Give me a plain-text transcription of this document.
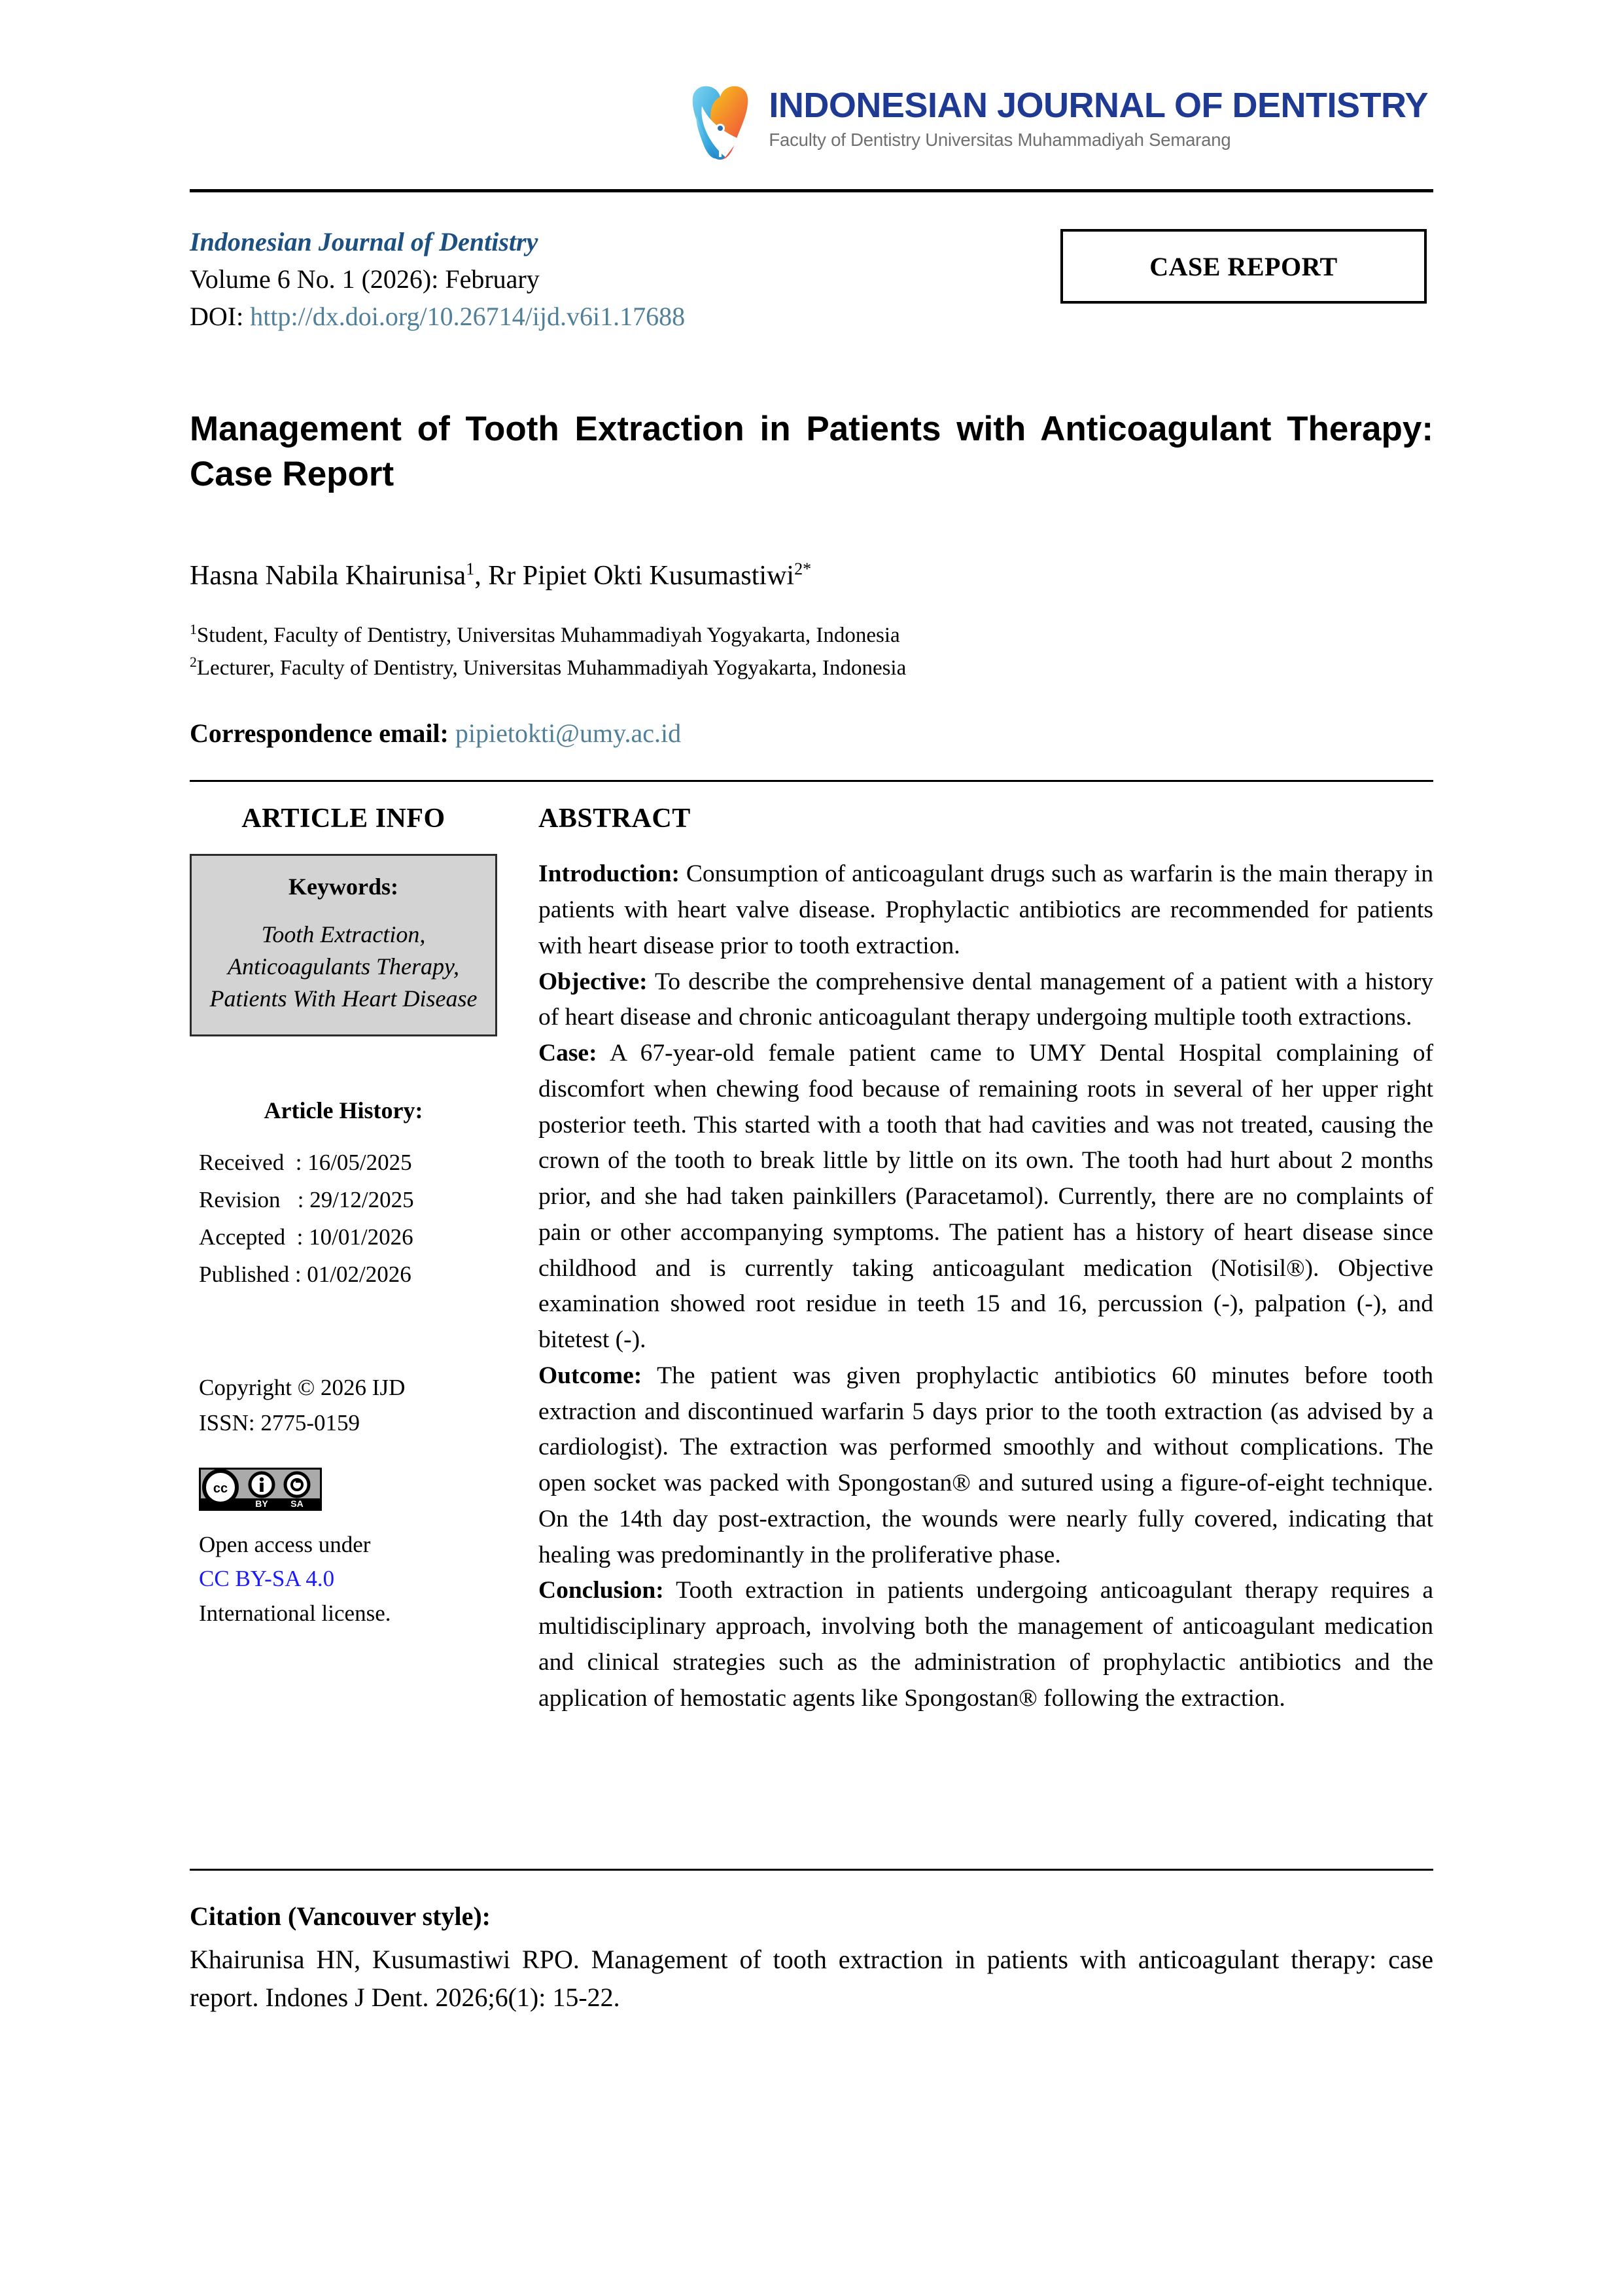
INDONESIAN JOURNAL OF DENTISTRY
Faculty of Dentistry Universitas Muhammadiyah Semarang
Indonesian Journal of Dentistry
Volume 6 No. 1 (2026): February
DOI: http://dx.doi.org/10.26714/ijd.v6i1.17688
CASE REPORT
Management of Tooth Extraction in Patients with Anticoagulant Therapy: Case Report
Hasna Nabila Khairunisa$^1$, Rr Pipiet Okti Kusumastiwi$^{2*}$
$^1$Student, Faculty of Dentistry, Universitas Muhammadiyah Yogyakarta, Indonesia
$^2$Lecturer, Faculty of Dentistry, Universitas Muhammadiyah Yogyakarta, Indonesia
Correspondence email: pipietokti@umy.ac.id
ARTICLE INFO
Keywords:
Tooth Extraction, Anticoagulants Therapy, Patients With Heart Disease
Article History:
Received  : 16/05/2025
Revision   : 29/12/2025
Accepted  : 10/01/2026
Published : 01/02/2026
Copyright © 2026 IJD
ISSN: 2775-0159
cc
BY SA
Open access under
CC BY-SA 4.0
International license.
ABSTRACT

Introduction: Consumption of anticoagulant drugs such as warfarin is the main therapy in patients with heart valve disease. Prophylactic antibiotics are recommended for patients with heart disease prior to tooth extraction.

Objective: To describe the comprehensive dental management of a patient with a history of heart disease and chronic anticoagulant therapy undergoing multiple tooth extractions.

Case: A 67-year-old female patient came to UMY Dental Hospital complaining of discomfort when chewing food because of remaining roots in several of her upper right posterior teeth. This started with a tooth that had cavities and was not treated, causing the crown of the tooth to break little by little on its own. The tooth had hurt about 2 months prior, and she had taken painkillers (Paracetamol). Currently, there are no complaints of pain or other accompanying symptoms. The patient has a history of heart disease since childhood and is currently taking anticoagulant medication (Notisil®). Objective examination showed root residue in teeth 15 and 16, percussion (-), palpation (-), and bitetest (-).

Outcome: The patient was given prophylactic antibiotics 60 minutes before tooth extraction and discontinued warfarin 5 days prior to the tooth extraction (as advised by a cardiologist). The extraction was performed smoothly and without complications. The open socket was packed with Spongostan® and sutured using a figure-of-eight technique. On the 14th day post-extraction, the wounds were nearly fully covered, indicating that healing was predominantly in the proliferative phase.

Conclusion: Tooth extraction in patients undergoing anticoagulant therapy requires a multidisciplinary approach, involving both the management of anticoagulant medication and clinical strategies such as the administration of prophylactic antibiotics and the application of hemostatic agents like Spongostan® following the extraction.

Citation (Vancouver style):
Khairunisa HN, Kusumastiwi RPO. Management of tooth extraction in patients with anticoagulant therapy: case report. Indones J Dent. 2026;6(1): 15-22.
